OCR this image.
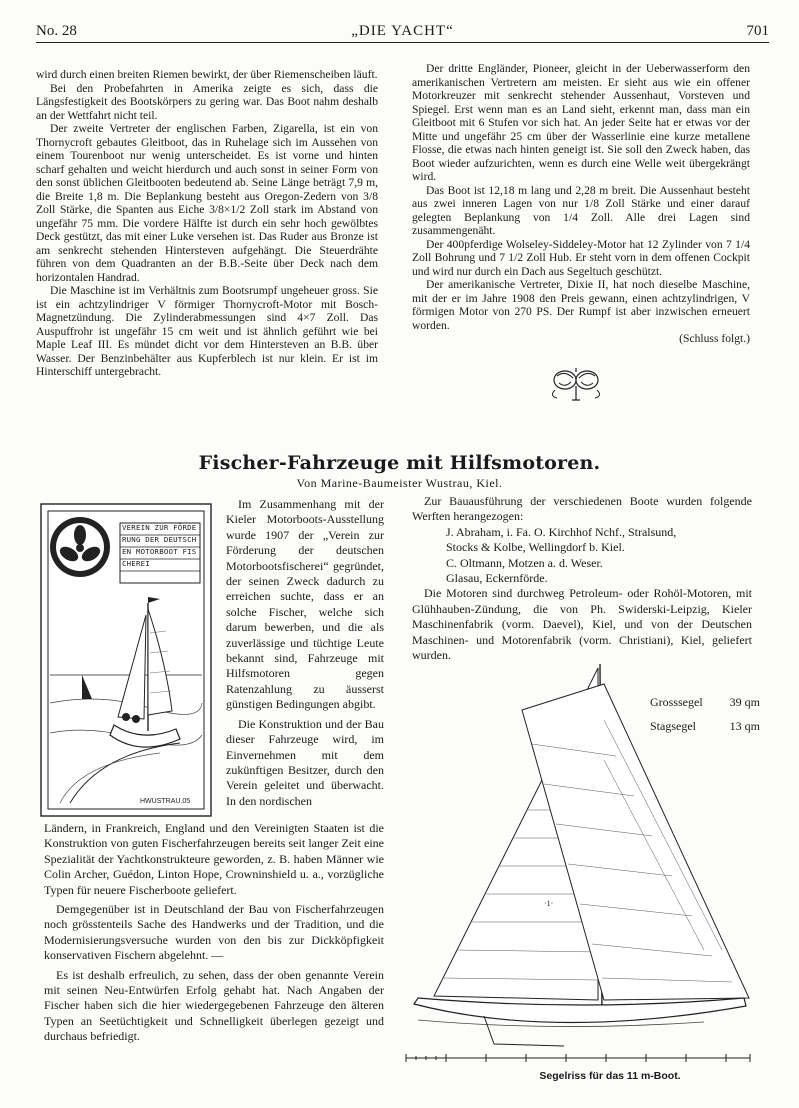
No. 28	„DIE YACHT“	701

wird durch einen breiten Riemen bewirkt, der über Riemenscheiben läuft.

Bei den Probefahrten in Amerika zeigte es sich, dass die Längsfestigkeit des Bootskörpers zu gering war. Das Boot nahm deshalb an der Wettfahrt nicht teil.

Der zweite Vertreter der englischen Farben, Zigarella, ist ein von Thornycroft gebautes Gleitboot, das in Ruhelage sich im Aussehen von einem Tourenboot nur wenig unterscheidet. Es ist vorne und hinten scharf gehalten und weicht hierdurch und auch sonst in seiner Form von den sonst üblichen Gleitbooten bedeutend ab. Seine Länge beträgt 7,9 m, die Breite 1,8 m. Die Beplankung besteht aus Oregon-Zedern von 3/8 Zoll Stärke, die Spanten aus Eiche 3/8×1/2 Zoll stark im Abstand von ungefähr 75 mm. Die vordere Hälfte ist durch ein sehr hoch gewölbtes Deck gestützt, das mit einer Luke versehen ist. Das Ruder aus Bronze ist am senkrecht stehenden Hintersteven aufgehängt. Die Steuerdrähte führen von dem Quadranten an der B.B.-Seite über Deck nach dem horizontalen Handrad.

Die Maschine ist im Verhältnis zum Bootsrumpf ungeheuer gross. Sie ist ein achtzylindriger V förmiger Thornycroft-Motor mit Bosch-Magnetzündung. Die Zylinderabmessungen sind 4×7 Zoll. Das Auspuffrohr ist ungefähr 15 cm weit und ist ähnlich geführt wie bei Maple Leaf III. Es mündet dicht vor dem Hintersteven an B.B. über Wasser. Der Benzinbehälter aus Kupferblech ist nur klein. Er ist im Hinterschiff untergebracht.

Der dritte Engländer, Pioneer, gleicht in der Ueberwasserform den amerikanischen Vertretern am meisten. Er sieht aus wie ein offener Motorkreuzer mit senkrecht stehender Aussenhaut, Vorsteven und Spiegel. Erst wenn man es an Land sieht, erkennt man, dass man ein Gleitboot mit 6 Stufen vor sich hat. An jeder Seite hat er etwas vor der Mitte und ungefähr 25 cm über der Wasserlinie eine kurze metallene Flosse, die etwas nach hinten geneigt ist. Sie soll den Zweck haben, das Boot wieder aufzurichten, wenn es durch eine Welle weit übergekrängt wird.

Das Boot ist 12,18 m lang und 2,28 m breit. Die Aussenhaut besteht aus zwei inneren Lagen von nur 1/8 Zoll Stärke und einer darauf gelegten Beplankung von 1/4 Zoll. Alle drei Lagen sind zusammengenäht.

Der 400pferdige Wolseley-Siddeley-Motor hat 12 Zylinder von 7 1/4 Zoll Bohrung und 7 1/2 Zoll Hub. Er steht vorn in dem offenen Cockpit und wird nur durch ein Dach aus Segeltuch geschützt.

Der amerikanische Vertreter, Dixie II, hat noch dieselbe Maschine, mit der er im Jahre 1908 den Preis gewann, einen achtzylindrigen, V förmigen Motor von 270 PS. Der Rumpf ist aber inzwischen erneuert worden.

(Schluss folgt.)
Fischer-Fahrzeuge mit Hilfsmotoren.
Von Marine-Baumeister Wustrau, Kiel.
VEREIN ZUR FÖRDERUNG DER DEUTSCHEN MOTORBOOT FISCHEREI
HWUSTRAU.05

Im Zusammenhang mit der Kieler Motorboots-Ausstellung wurde 1907 der „Verein zur Förderung der deutschen Motorbootsfischerei“ gegründet, der seinen Zweck dadurch zu erreichen suchte, dass er an solche Fischer, welche sich darum bewerben, und die als zuverlässige und tüchtige Leute bekannt sind, Fahrzeuge mit Hilfsmotoren gegen Ratenzahlung zu äusserst günstigen Bedingungen abgibt.

Die Konstruktion und der Bau dieser Fahrzeuge wird, im Einvernehmen mit dem zukünftigen Besitzer, durch den Verein geleitet und überwacht. In den nordischen

Ländern, in Frankreich, England und den Vereinigten Staaten ist die Konstruktion von guten Fischerfahrzeugen bereits seit langer Zeit eine Spezialität der Yachtkonstrukteure geworden, z. B. haben Männer wie Colin Archer, Guédon, Linton Hope, Crowninshield u. a., vorzügliche Typen für neuere Fischerboote geliefert.

Demgegenüber ist in Deutschland der Bau von Fischerfahrzeugen noch grösstenteils Sache des Handwerks und der Tradition, und die Modernisierungsversuche wurden von den bis zur Dickköpfigkeit konservativen Fischern abgelehnt. —

Es ist deshalb erfreulich, zu sehen, dass der oben genannte Verein mit seinen Neu-Entwürfen Erfolg gehabt hat. Nach Angaben der Fischer haben sich die hier wiedergegebenen Fahrzeuge den älteren Typen an Seetüchtigkeit und Schnelligkeit überlegen gezeigt und durchaus befriedigt.

Zur Bauausführung der verschiedenen Boote wurden folgende Werften herangezogen:

J. Abraham, i. Fa. O. Kirchhof Nchf., Stralsund,
Stocks & Kolbe, Wellingdorf b. Kiel.
C. Oltmann, Motzen a. d. Weser.
Glasau, Eckernförde.

Die Motoren sind durchweg Petroleum- oder Rohöl-Motoren, mit Glühhauben-Zündung, die von Ph. Swiderski-Leipzig, Kieler Maschinenfabrik (vorm. Daevel), Kiel, und von der Deutschen Maschinen- und Motorenfabrik (vorm. Christiani), Kiel, geliefert wurden.

·1·
Grosssegel 39 qm
Stagsegel	13 qm
Segelriss für das 11 m-Boot.
